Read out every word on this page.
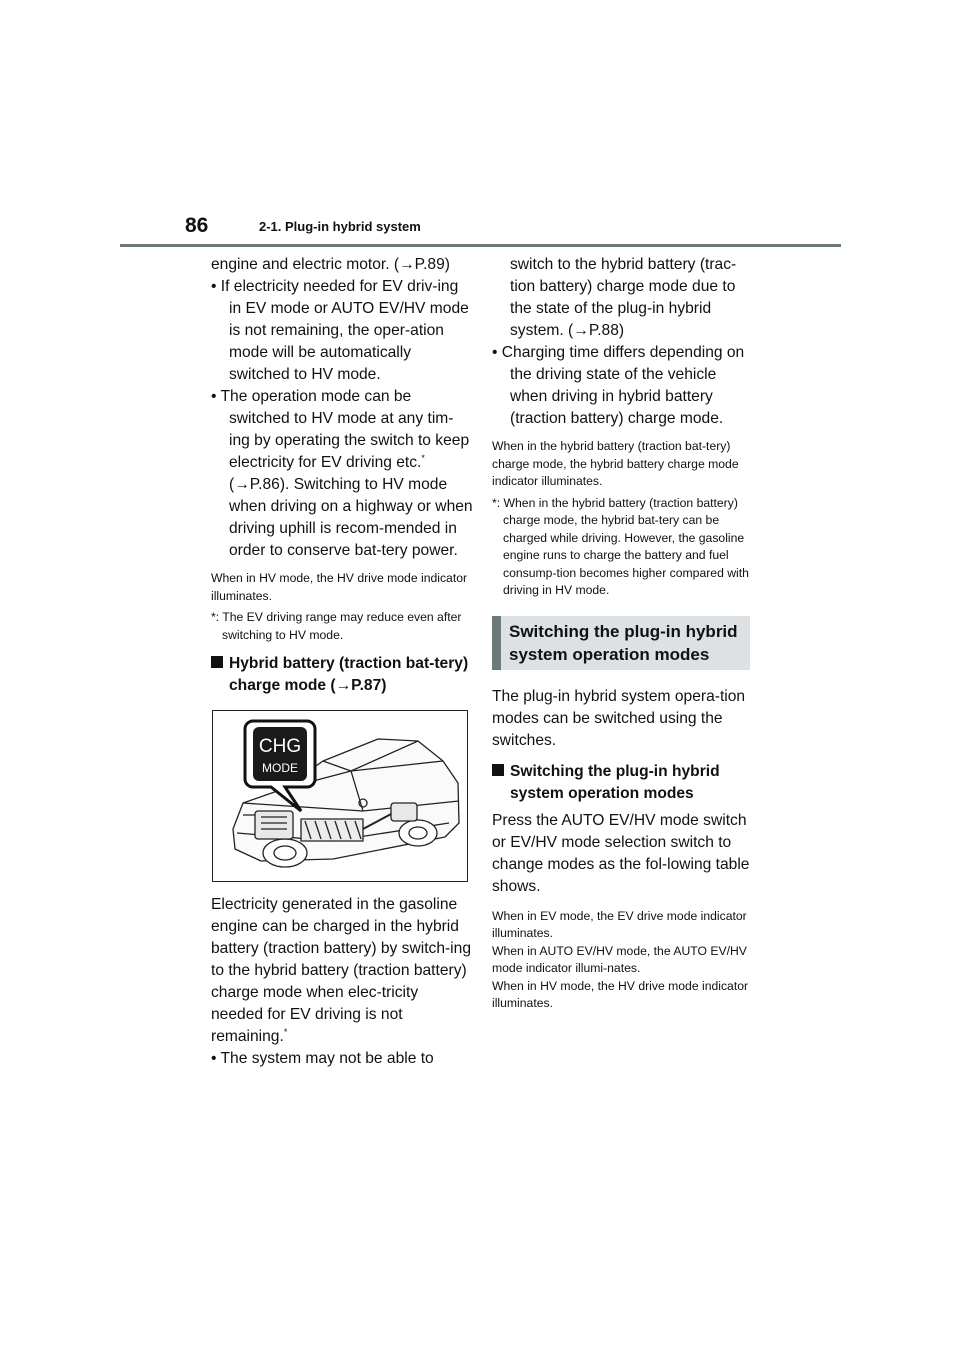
86	2-1. Plug-in hybrid system

engine and electric motor. (→P.89)

• If electricity needed for EV driv-ing in EV mode or AUTO EV/HV mode is not remaining, the oper-ation mode will be automatically switched to HV mode.

• The operation mode can be switched to HV mode at any tim-ing by operating the switch to keep electricity for EV driving etc.* (→P.86). Switching to HV mode when driving on a highway or when driving uphill is recom-mended in order to conserve bat-tery power.

When in HV mode, the HV drive mode indicator illuminates.

*: The EV driving range may reduce even after switching to HV mode.

Hybrid battery (traction bat-tery) charge mode (→P.87)

CHG
MODE

Electricity generated in the gasoline engine can be charged in the hybrid battery (traction battery) by switch-ing to the hybrid battery (traction battery) charge mode when elec-tricity needed for EV driving is not remaining.*

• The system may not be able to

switch to the hybrid battery (trac-tion battery) charge mode due to the state of the plug-in hybrid system. (→P.88)

• Charging time differs depending on the driving state of the vehicle when driving in hybrid battery (traction battery) charge mode.

When in the hybrid battery (traction bat-tery) charge mode, the hybrid battery charge mode indicator illuminates.

*: When in the hybrid battery (traction battery) charge mode, the hybrid bat-tery can be charged while driving. However, the gasoline engine runs to charge the battery and fuel consump-tion becomes higher compared with driving in HV mode.

Switching the plug-in hybrid system operation modes

The plug-in hybrid system opera-tion modes can be switched using the switches.

Switching the plug-in hybrid system operation modes

Press the AUTO EV/HV mode switch or EV/HV mode selection switch to change modes as the fol-lowing table shows.

When in EV mode, the EV drive mode indicator illuminates.

When in AUTO EV/HV mode, the AUTO EV/HV mode indicator illumi-nates.

When in HV mode, the HV drive mode indicator illuminates.
